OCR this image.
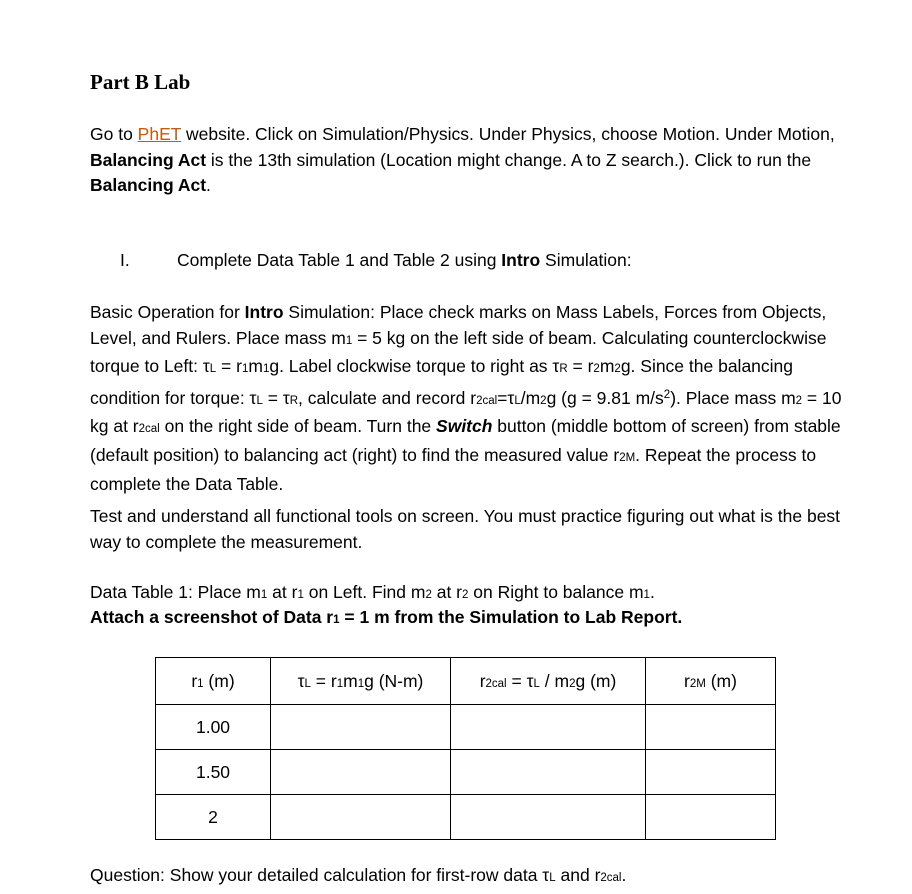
Part B Lab
Go to PhET website. Click on Simulation/Physics. Under Physics, choose Motion. Under Motion, Balancing Act is the 13th simulation (Location might change. A to Z search.). Click to run the Balancing Act.
I.	Complete Data Table 1 and Table 2 using Intro Simulation:
Basic Operation for Intro Simulation: Place check marks on Mass Labels, Forces from Objects, Level, and Rulers. Place mass m1 = 5 kg on the left side of beam. Calculating counterclockwise torque to Left: τL = r1m1g. Label clockwise torque to right as τR = r2m2g. Since the balancing condition for torque: τL = τR, calculate and record r2cal=τL/m2g (g = 9.81 $m/s^2$). Place mass m2 = 10 kg at r2cal on the right side of beam. Turn the Switch button (middle bottom of screen) from stable (default position) to balancing act (right) to find the measured value r2M. Repeat the process to complete the Data Table.
Test and understand all functional tools on screen. You must practice figuring out what is the best way to complete the measurement.
Data Table 1: Place m1 at r1 on Left. Find m2 at r2 on Right to balance m1.
Attach a screenshot of Data r1 = 1 m from the Simulation to Lab Report.
r1 (m)	τL = r1m1g (N-m)	r2cal = τL / m2g (m)	r2M (m)
1.00			
1.50			
2			
Question: Show your detailed calculation for first-row data τL and r2cal.
